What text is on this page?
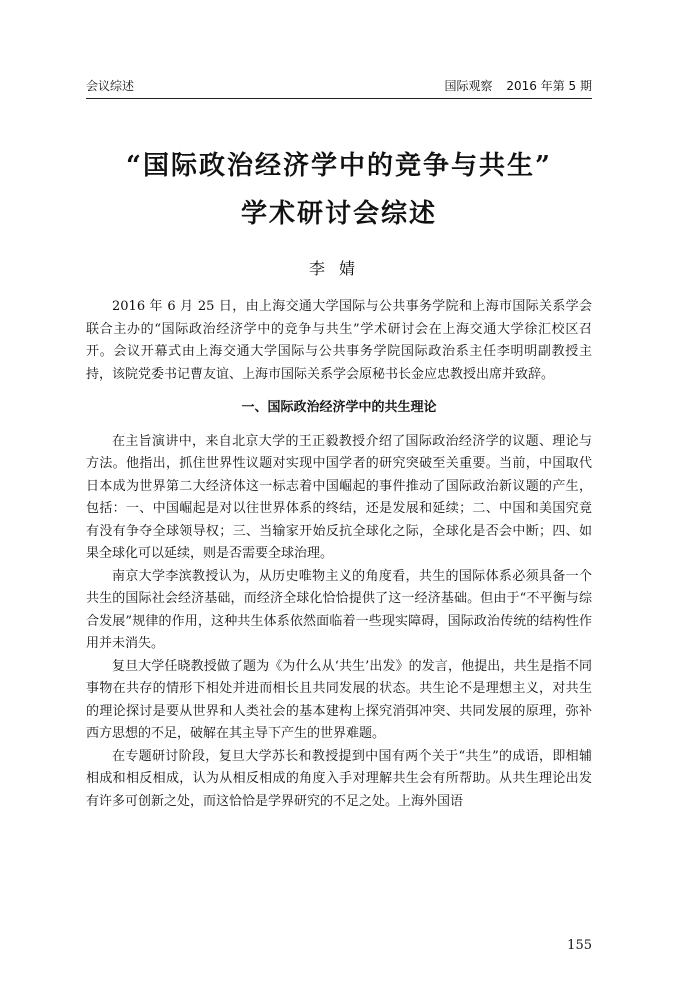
会议综述	国际观察 2016 年第 5 期
“国际政治经济学中的竞争与共生”
学术研讨会综述
李婧

2016 年 6 月 25 日，由上海交通大学国际与公共事务学院和上海市国际关系学会联合主办的“国际政治经济学中的竞争与共生”学术研讨会在上海交通大学徐汇校区召开。会议开幕式由上海交通大学国际与公共事务学院国际政治系主任李明明副教授主持，该院党委书记曹友谊、上海市国际关系学会原秘书长金应忠教授出席并致辞。

一、国际政治经济学中的共生理论

在主旨演讲中，来自北京大学的王正毅教授介绍了国际政治经济学的议题、理论与方法。他指出，抓住世界性议题对实现中国学者的研究突破至关重要。当前，中国取代日本成为世界第二大经济体这一标志着中国崛起的事件推动了国际政治新议题的产生，包括：一、中国崛起是对以往世界体系的终结，还是发展和延续；二、中国和美国究竟有没有争夺全球领导权；三、当输家开始反抗全球化之际，全球化是否会中断；四、如果全球化可以延续，则是否需要全球治理。

南京大学李滨教授认为，从历史唯物主义的角度看，共生的国际体系必须具备一个共生的国际社会经济基础，而经济全球化恰恰提供了这一经济基础。但由于“不平衡与综合发展”规律的作用，这种共生体系依然面临着一些现实障碍，国际政治传统的结构性作用并未消失。

复旦大学任晓教授做了题为《为什么从‘共生’出发》的发言，他提出，共生是指不同事物在共存的情形下相处并进而相长且共同发展的状态。共生论不是理想主义，对共生的理论探讨是要从世界和人类社会的基本建构上探究消弭冲突、共同发展的原理，弥补西方思想的不足，破解在其主导下产生的世界难题。

在专题研讨阶段，复旦大学苏长和教授提到中国有两个关于“共生”的成语，即相辅相成和相反相成，认为从相反相成的角度入手对理解共生会有所帮助。从共生理论出发有许多可创新之处，而这恰恰是学界研究的不足之处。上海外国语

155
